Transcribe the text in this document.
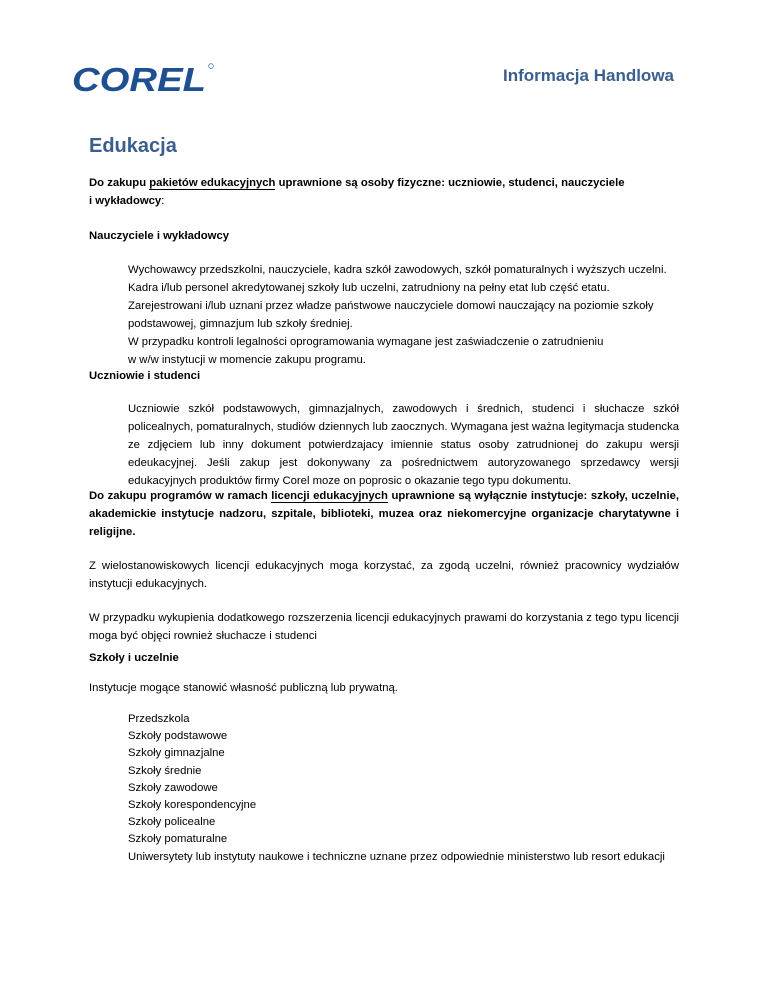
COREL	Informacja Handlowa
Edukacja

Do zakupu pakietów edukacyjnych uprawnione są osoby fizyczne: uczniowie, studenci, nauczyciele
i wykładowcy:

Nauczyciele i wykładowcy

Wychowawcy przedszkolni, nauczyciele, kadra szkół zawodowych, szkół pomaturalnych i wyższych uczelni.
Kadra i/lub personel akredytowanej szkoły lub uczelni, zatrudniony na pełny etat lub część etatu.
Zarejestrowani i/lub uznani przez władze państwowe nauczyciele domowi nauczający na poziomie szkoły
podstawowej, gimnazjum lub szkoły średniej.
W przypadku kontroli legalności oprogramowania wymagane jest zaświadczenie o zatrudnieniu
w w/w instytucji w momencie zakupu programu.

Uczniowie i studenci

Uczniowie szkół podstawowych, gimnazjalnych, zawodowych i średnich, studenci i słuchacze szkół policealnych, pomaturalnych, studiów dziennych lub zaocznych. Wymagana jest ważna legitymacja studencka ze zdjęciem lub inny dokument potwierdzajacy imiennie status osoby zatrudnionej do zakupu wersji edeukacyjnej. Jeśli zakup jest dokonywany za pośrednictwem autoryzowanego sprzedawcy wersji edukacyjnych produktów firmy Corel moze on poprosic o okazanie tego typu dokumentu.

Do zakupu programów w ramach licencji edukacyjnych uprawnione są wyłącznie instytucje: szkoły, uczelnie, akademickie instytucje nadzoru, szpitale, biblioteki, muzea oraz niekomercyjne organizacje charytatywne i religijne.

Z wielostanowiskowych licencji edukacyjnych moga korzystać, za zgodą uczelni, również pracownicy wydziałów instytucji edukacyjnych.

W przypadku wykupienia dodatkowego rozszerzenia licencji edukacyjnych prawami do korzystania z tego typu licencji moga być objęci rownież słuchacze i studenci

Szkoły i uczelnie

Instytucje mogące stanowić własność publiczną lub prywatną.

Przedszkola
Szkoły podstawowe
Szkoły gimnazjalne
Szkoły średnie
Szkoły zawodowe
Szkoły korespondencyjne
Szkoły policealne
Szkoły pomaturalne
Uniwersytety lub instytuty naukowe i techniczne uznane przez odpowiednie ministerstwo lub resort edukacji
